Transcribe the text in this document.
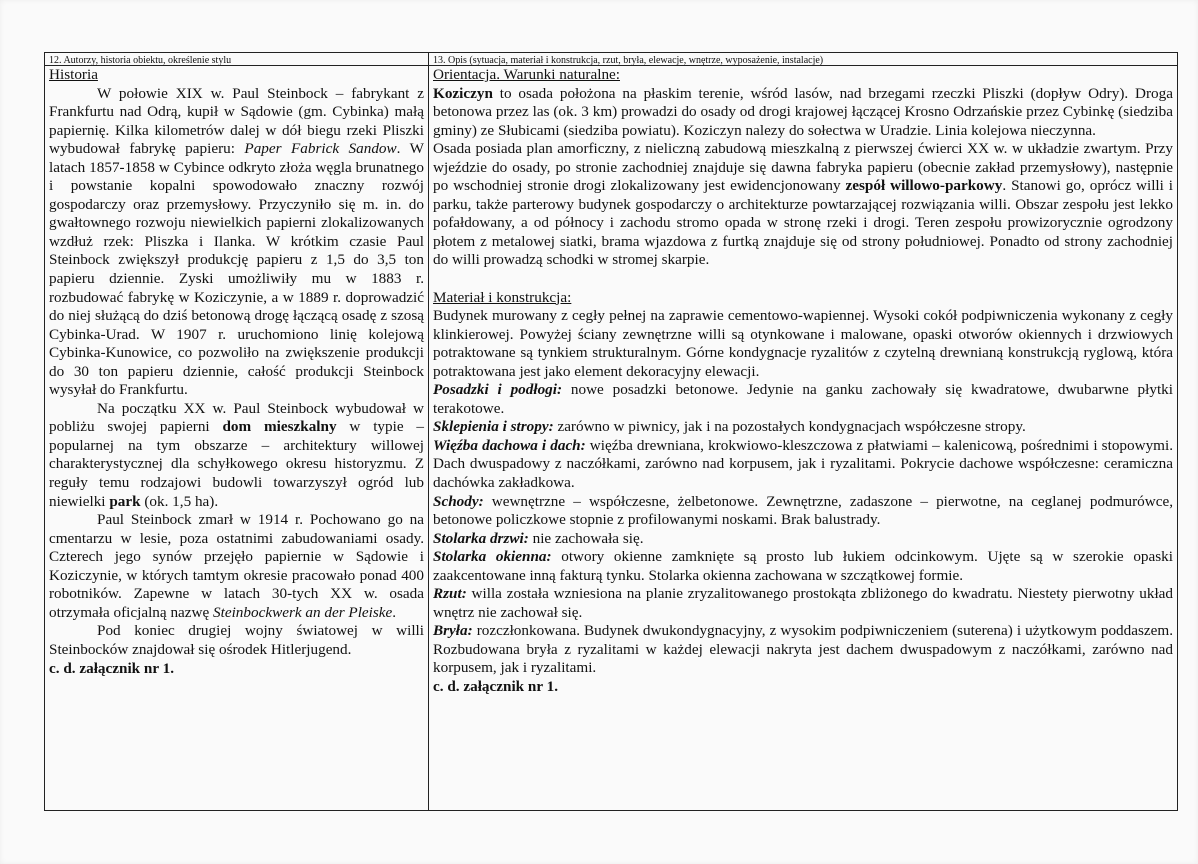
12. Autorzy, historia obiektu, określenie stylu

Historia

W połowie XIX w. Paul Steinbock – fabrykant z Frankfurtu nad Odrą, kupił w Sądowie (gm. Cybinka) małą papiernię. Kilka kilometrów dalej w dół biegu rzeki Pliszki wybudował fabrykę papieru: Paper Fabrick Sandow. W latach 1857-1858 w Cybince odkryto złoża węgla brunatnego i powstanie kopalni spowodowało znaczny rozwój gospodarczy oraz przemysłowy. Przyczyniło się m. in. do gwałtownego rozwoju niewielkich papierni zlokalizowanych wzdłuż rzek: Pliszka i Ilanka. W krótkim czasie Paul Steinbock zwiększył produkcję papieru z 1,5 do 3,5 ton papieru dziennie. Zyski umożliwiły mu w 1883 r. rozbudować fabrykę w Koziczynie, a w 1889 r. doprowadzić do niej służącą do dziś betonową drogę łączącą osadę z szosą Cybinka-Urad. W 1907 r. uruchomiono linię kolejową Cybinka-Kunowice, co pozwoliło na zwiększenie produkcji do 30 ton papieru dziennie, całość produkcji Steinbock wysyłał do Frankfurtu.

Na początku XX w. Paul Steinbock wybudował w pobliżu swojej papierni dom mieszkalny w typie – popularnej na tym obszarze – architektury willowej charakterystycznej dla schyłkowego okresu historyzmu. Z reguły temu rodzajowi budowli towarzyszył ogród lub niewielki park (ok. 1,5 ha).

Paul Steinbock zmarł w 1914 r. Pochowano go na cmentarzu w lesie, poza ostatnimi zabudowaniami osady. Czterech jego synów przejęło papiernie w Sądowie i Koziczynie, w których tamtym okresie pracowało ponad 400 robotników. Zapewne w latach 30-tych XX w. osada otrzymała oficjalną nazwę Steinbockwerk an der Pleiske.

Pod koniec drugiej wojny światowej w willi Steinbocków znajdował się ośrodek Hitlerjugend.

c. d. załącznik nr 1.

13. Opis (sytuacja, materiał i konstrukcja, rzut, bryła, elewacje, wnętrze, wyposażenie, instalacje)

Orientacja. Warunki naturalne:

Koziczyn to osada położona na płaskim terenie, wśród lasów, nad brzegami rzeczki Pliszki (dopływ Odry). Droga betonowa przez las (ok. 3 km) prowadzi do osady od drogi krajowej łączącej Krosno Odrzańskie przez Cybinkę (siedziba gminy) ze Słubicami (siedziba powiatu). Koziczyn nalezy do sołectwa w Uradzie. Linia kolejowa nieczynna.

Osada posiada plan amorficzny, z nieliczną zabudową mieszkalną z pierwszej ćwierci XX w. w układzie zwartym. Przy wjeździe do osady, po stronie zachodniej znajduje się dawna fabryka papieru (obecnie zakład przemysłowy), następnie po wschodniej stronie drogi zlokalizowany jest ewidencjonowany zespół willowo-parkowy. Stanowi go, oprócz willi i parku, także parterowy budynek gospodarczy o architekturze powtarzającej rozwiązania willi. Obszar zespołu jest lekko pofałdowany, a od północy i zachodu stromo opada w stronę rzeki i drogi. Teren zespołu prowizorycznie ogrodzony płotem z metalowej siatki, brama wjazdowa z furtką znajduje się od strony południowej. Ponadto od strony zachodniej do willi prowadzą schodki w stromej skarpie.

Materiał i konstrukcja:

Budynek murowany z cegły pełnej na zaprawie cementowo-wapiennej. Wysoki cokół podpiwniczenia wykonany z cegły klinkierowej. Powyżej ściany zewnętrzne willi są otynkowane i malowane, opaski otworów okiennych i drzwiowych potraktowane są tynkiem strukturalnym. Górne kondygnacje ryzalitów z czytelną drewnianą konstrukcją ryglową, która potraktowana jest jako element dekoracyjny elewacji.

Posadzki i podłogi: nowe posadzki betonowe. Jedynie na ganku zachowały się kwadratowe, dwubarwne płytki terakotowe.

Sklepienia i stropy: zarówno w piwnicy, jak i na pozostałych kondygnacjach współczesne stropy.

Więźba dachowa i dach: więźba drewniana, krokwiowo-kleszczowa z płatwiami – kalenicową, pośrednimi i stopowymi. Dach dwuspadowy z naczółkami, zarówno nad korpusem, jak i ryzalitami. Pokrycie dachowe współczesne: ceramiczna dachówka zakładkowa.

Schody: wewnętrzne – współczesne, żelbetonowe. Zewnętrzne, zadaszone – pierwotne, na ceglanej podmurówce, betonowe policzkowe stopnie z profilowanymi noskami. Brak balustrady.

Stolarka drzwi: nie zachowała się.

Stolarka okienna: otwory okienne zamknięte są prosto lub łukiem odcinkowym. Ujęte są w szerokie opaski zaakcentowane inną fakturą tynku. Stolarka okienna zachowana w szczątkowej formie.

Rzut: willa została wzniesiona na planie zryzalitowanego prostokąta zbliżonego do kwadratu. Niestety pierwotny układ wnętrz nie zachował się.

Bryła: rozczłonkowana. Budynek dwukondygnacyjny, z wysokim podpiwniczeniem (suterena) i użytkowym poddaszem. Rozbudowana bryła z ryzalitami w każdej elewacji nakryta jest dachem dwuspadowym z naczółkami, zarówno nad korpusem, jak i ryzalitami.

c. d. załącznik nr 1.
